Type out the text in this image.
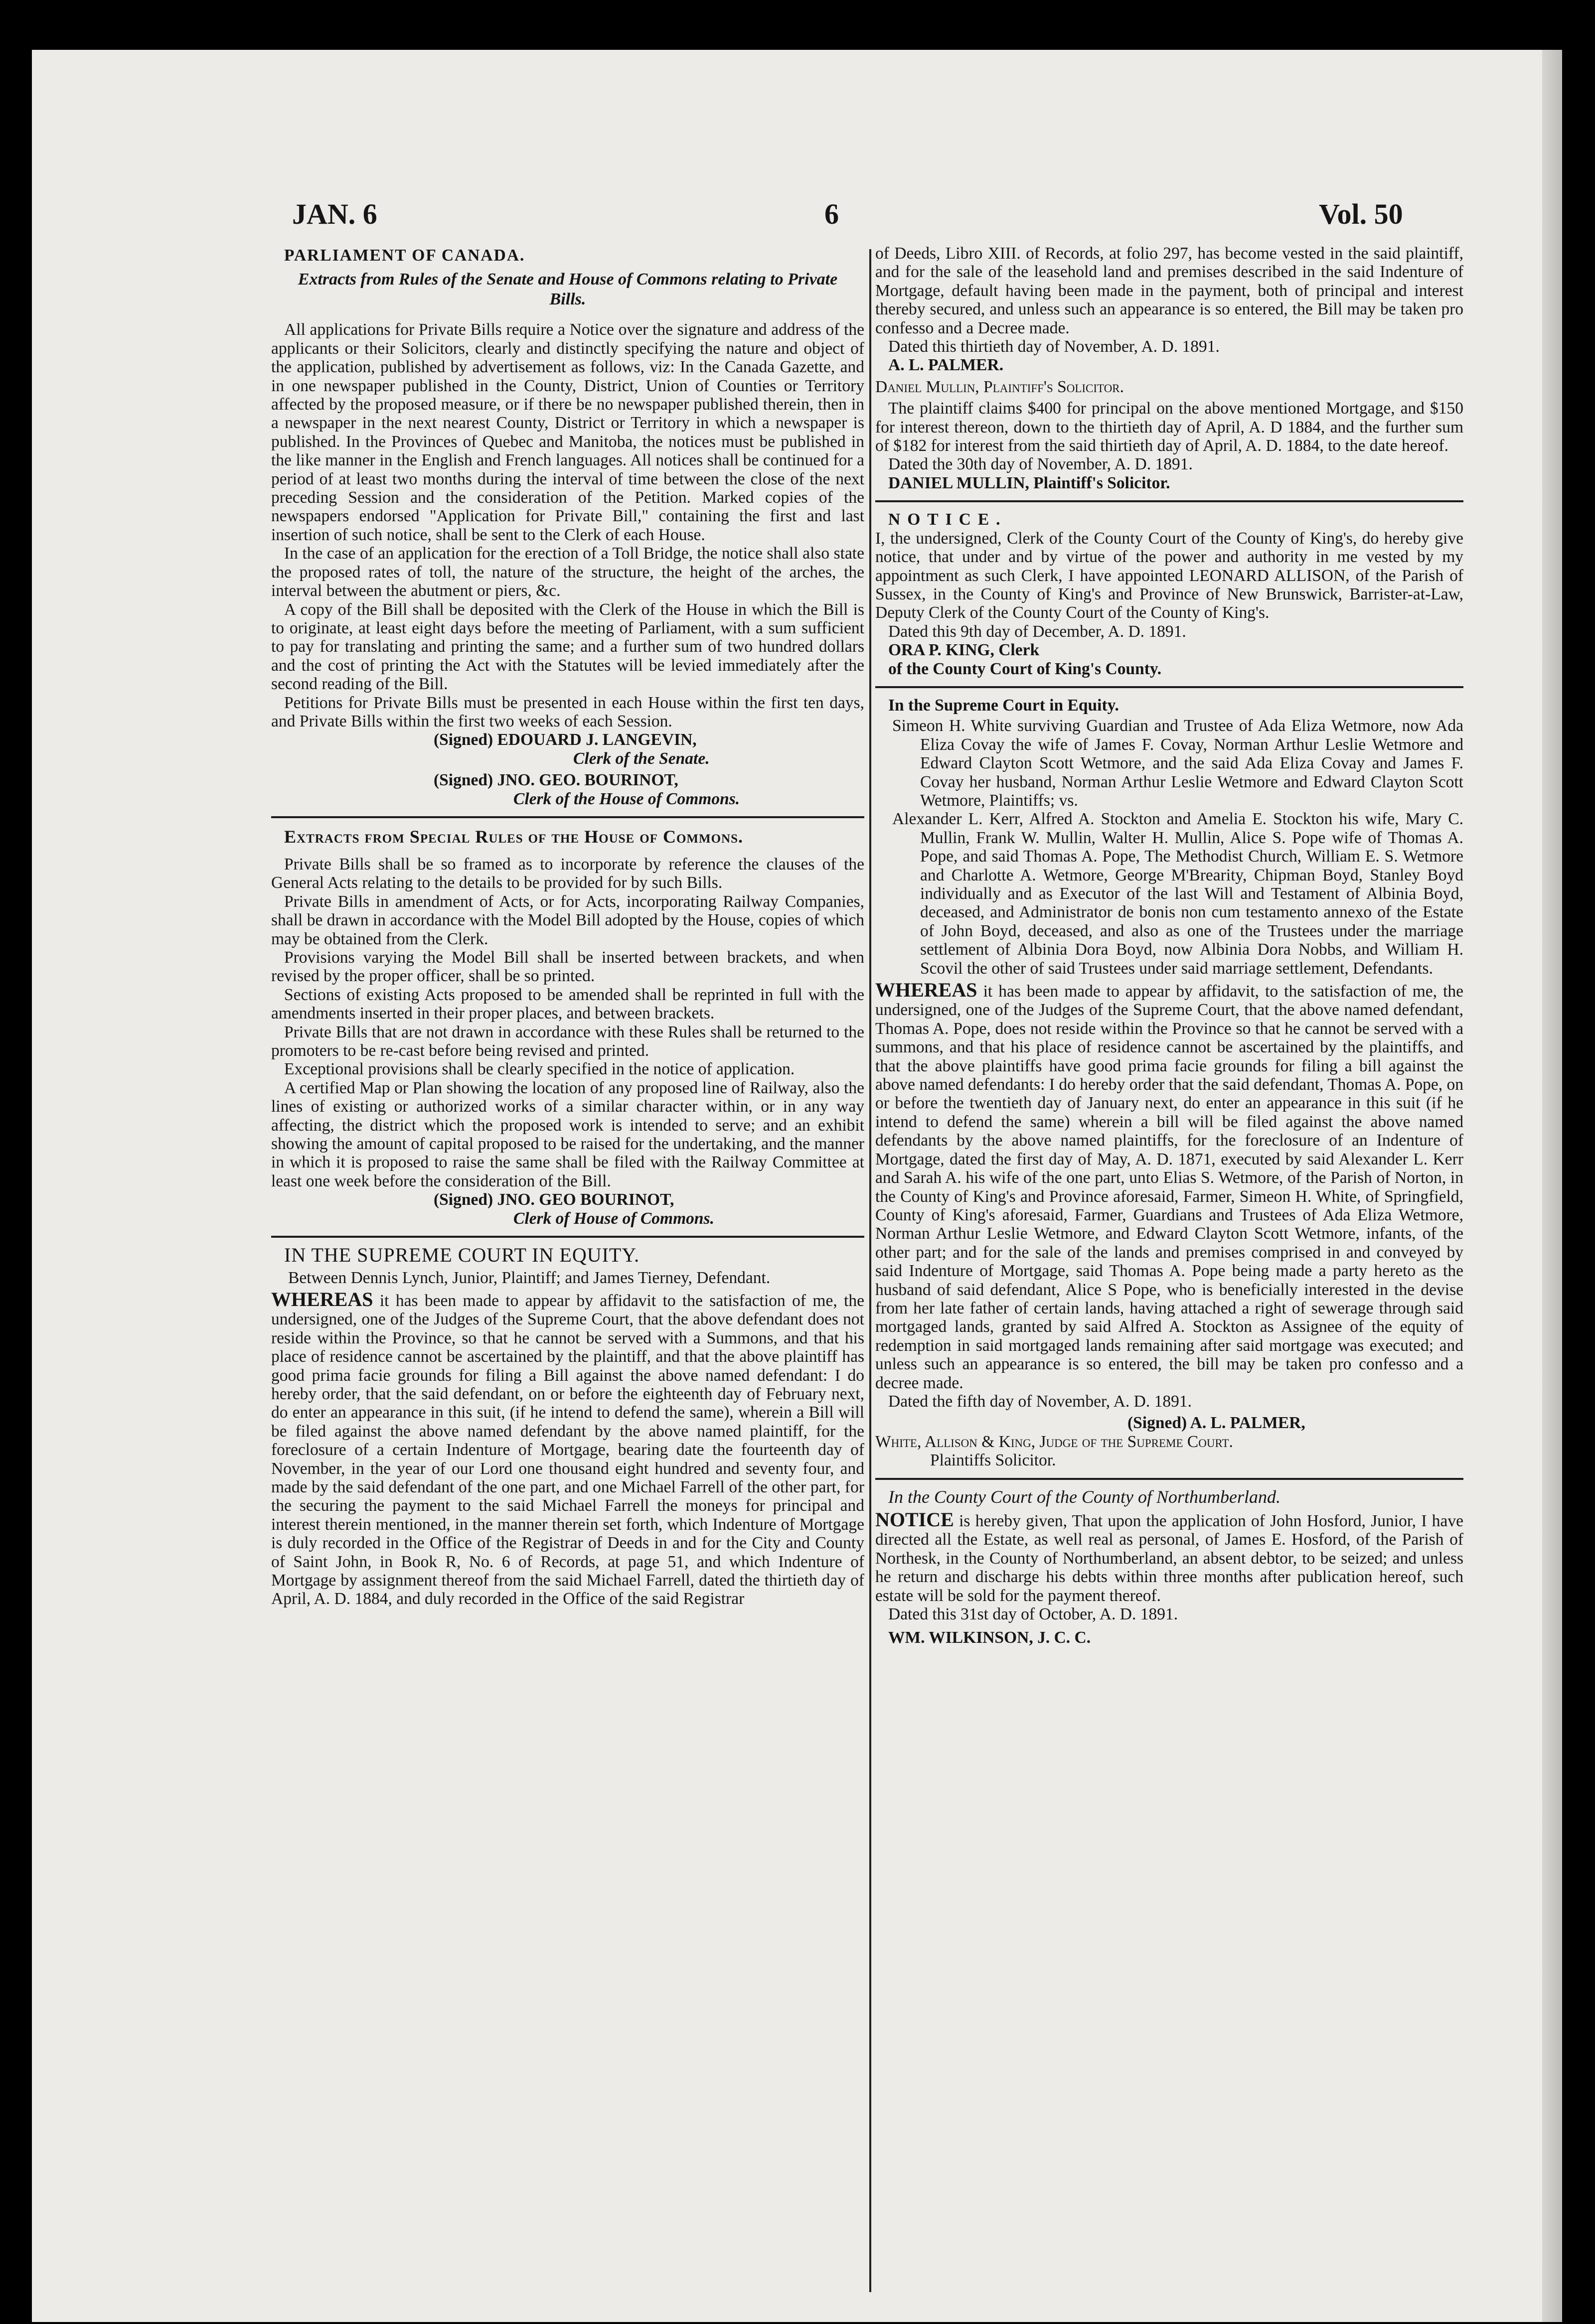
JAN. 6	6	Vol. 50

PARLIAMENT OF CANADA.

Extracts from Rules of the Senate and House of Commons relating to Private Bills.

All applications for Private Bills require a Notice over the signature and address of the applicants or their Solicitors, clearly and distinctly specifying the nature and object of the application, published by advertisement as follows, viz: In the Canada Gazette, and in one newspaper published in the County, District, Union of Counties or Territory affected by the proposed measure, or if there be no newspaper published therein, then in a newspaper in the next nearest County, District or Territory in which a newspaper is published. In the Provinces of Quebec and Manitoba, the notices must be published in the like manner in the English and French languages. All notices shall be continued for a period of at least two months during the interval of time between the close of the next preceding Session and the consideration of the Petition. Marked copies of the newspapers endorsed "Application for Private Bill," containing the first and last insertion of such notice, shall be sent to the Clerk of each House.

In the case of an application for the erection of a Toll Bridge, the notice shall also state the proposed rates of toll, the nature of the structure, the height of the arches, the interval between the abutment or piers, &c.

A copy of the Bill shall be deposited with the Clerk of the House in which the Bill is to originate, at least eight days before the meeting of Parliament, with a sum sufficient to pay for translating and printing the same; and a further sum of two hundred dollars and the cost of printing the Act with the Statutes will be levied immediately after the second reading of the Bill.

Petitions for Private Bills must be presented in each House within the first ten days, and Private Bills within the first two weeks of each Session.

(Signed) EDOUARD J. LANGEVIN,

Clerk of the Senate.

(Signed) JNO. GEO. BOURINOT,

Clerk of the House of Commons.

Extracts from Special Rules of the House of Commons.

Private Bills shall be so framed as to incorporate by reference the clauses of the General Acts relating to the details to be provided for by such Bills.

Private Bills in amendment of Acts, or for Acts, incorporating Railway Companies, shall be drawn in accordance with the Model Bill adopted by the House, copies of which may be obtained from the Clerk.

Provisions varying the Model Bill shall be inserted between brackets, and when revised by the proper officer, shall be so printed.

Sections of existing Acts proposed to be amended shall be reprinted in full with the amendments inserted in their proper places, and between brackets.

Private Bills that are not drawn in accordance with these Rules shall be returned to the promoters to be re-cast before being revised and printed.

Exceptional provisions shall be clearly specified in the notice of application.

A certified Map or Plan showing the location of any proposed line of Railway, also the lines of existing or authorized works of a similar character within, or in any way affecting, the district which the proposed work is intended to serve; and an exhibit showing the amount of capital proposed to be raised for the undertaking, and the manner in which it is proposed to raise the same shall be filed with the Railway Committee at least one week before the consideration of the Bill.

(Signed) JNO. GEO BOURINOT,

Clerk of House of Commons.

IN THE SUPREME COURT IN EQUITY.

Between Dennis Lynch, Junior, Plaintiff; and James Tierney, Defendant.

WHEREAS it has been made to appear by affidavit to the satisfaction of me, the undersigned, one of the Judges of the Supreme Court, that the above defendant does not reside within the Province, so that he cannot be served with a Summons, and that his place of residence cannot be ascertained by the plaintiff, and that the above plaintiff has good prima facie grounds for filing a Bill against the above named defendant: I do hereby order, that the said defendant, on or before the eighteenth day of February next, do enter an appearance in this suit, (if he intend to defend the same), wherein a Bill will be filed against the above named defendant by the above named plaintiff, for the foreclosure of a certain Indenture of Mortgage, bearing date the fourteenth day of November, in the year of our Lord one thousand eight hundred and seventy four, and made by the said defendant of the one part, and one Michael Farrell of the other part, for the securing the payment to the said Michael Farrell the moneys for principal and interest therein mentioned, in the manner therein set forth, which Indenture of Mortgage is duly recorded in the Office of the Registrar of Deeds in and for the City and County of Saint John, in Book R, No. 6 of Records, at page 51, and which Indenture of Mortgage by assignment thereof from the said Michael Farrell, dated the thirtieth day of April, A. D. 1884, and duly recorded in the Office of the said Registrar

of Deeds, Libro XIII. of Records, at folio 297, has become vested in the said plaintiff, and for the sale of the leasehold land and premises described in the said Indenture of Mortgage, default having been made in the payment, both of principal and interest thereby secured, and unless such an appearance is so entered, the Bill may be taken pro confesso and a Decree made.

Dated this thirtieth day of November, A. D. 1891.

A. L. PALMER.

Daniel Mullin, Plaintiff's Solicitor.

The plaintiff claims $400 for principal on the above mentioned Mortgage, and $150 for interest thereon, down to the thirtieth day of April, A. D 1884, and the further sum of $182 for interest from the said thirtieth day of April, A. D. 1884, to the date hereof.

Dated the 30th day of November, A. D. 1891.

DANIEL MULLIN, Plaintiff's Solicitor.

NOTICE.

I, the undersigned, Clerk of the County Court of the County of King's, do hereby give notice, that under and by virtue of the power and authority in me vested by my appointment as such Clerk, I have appointed LEONARD ALLISON, of the Parish of Sussex, in the County of King's and Province of New Brunswick, Barrister-at-Law, Deputy Clerk of the County Court of the County of King's.

Dated this 9th day of December, A. D. 1891.

ORA P. KING, Clerk

of the County Court of King's County.

In the Supreme Court in Equity.

Simeon H. White surviving Guardian and Trustee of Ada Eliza Wetmore, now Ada Eliza Covay the wife of James F. Covay, Norman Arthur Leslie Wetmore and Edward Clayton Scott Wetmore, and the said Ada Eliza Covay and James F. Covay her husband, Norman Arthur Leslie Wetmore and Edward Clayton Scott Wetmore, Plaintiffs; vs.

Alexander L. Kerr, Alfred A. Stockton and Amelia E. Stockton his wife, Mary C. Mullin, Frank W. Mullin, Walter H. Mullin, Alice S. Pope wife of Thomas A. Pope, and said Thomas A. Pope, The Methodist Church, William E. S. Wetmore and Charlotte A. Wetmore, George M'Brearity, Chipman Boyd, Stanley Boyd individually and as Executor of the last Will and Testament of Albinia Boyd, deceased, and Administrator de bonis non cum testamento annexo of the Estate of John Boyd, deceased, and also as one of the Trustees under the marriage settlement of Albinia Dora Boyd, now Albinia Dora Nobbs, and William H. Scovil the other of said Trustees under said marriage settlement, Defendants.

WHEREAS it has been made to appear by affidavit, to the satisfaction of me, the undersigned, one of the Judges of the Supreme Court, that the above named defendant, Thomas A. Pope, does not reside within the Province so that he cannot be served with a summons, and that his place of residence cannot be ascertained by the plaintiffs, and that the above plaintiffs have good prima facie grounds for filing a bill against the above named defendants: I do hereby order that the said defendant, Thomas A. Pope, on or before the twentieth day of January next, do enter an appearance in this suit (if he intend to defend the same) wherein a bill will be filed against the above named defendants by the above named plaintiffs, for the foreclosure of an Indenture of Mortgage, dated the first day of May, A. D. 1871, executed by said Alexander L. Kerr and Sarah A. his wife of the one part, unto Elias S. Wetmore, of the Parish of Norton, in the County of King's and Province aforesaid, Farmer, Simeon H. White, of Springfield, County of King's aforesaid, Farmer, Guardians and Trustees of Ada Eliza Wetmore, Norman Arthur Leslie Wetmore, and Edward Clayton Scott Wetmore, infants, of the other part; and for the sale of the lands and premises comprised in and conveyed by said Indenture of Mortgage, said Thomas A. Pope being made a party hereto as the husband of said defendant, Alice S Pope, who is beneficially interested in the devise from her late father of certain lands, having attached a right of sewerage through said mortgaged lands, granted by said Alfred A. Stockton as Assignee of the equity of redemption in said mortgaged lands remaining after said mortgage was executed; and unless such an appearance is so entered, the bill may be taken pro confesso and a decree made.

Dated the fifth day of November, A. D. 1891.

(Signed) A. L. PALMER,

White, Allison & King, Judge of the Supreme Court.

Plaintiffs Solicitor.

In the County Court of the County of Northumberland.

NOTICE is hereby given, That upon the application of John Hosford, Junior, I have directed all the Estate, as well real as personal, of James E. Hosford, of the Parish of Northesk, in the County of Northumberland, an absent debtor, to be seized; and unless he return and discharge his debts within three months after publication hereof, such estate will be sold for the payment thereof.

Dated this 31st day of October, A. D. 1891.

WM. WILKINSON, J. C. C.
